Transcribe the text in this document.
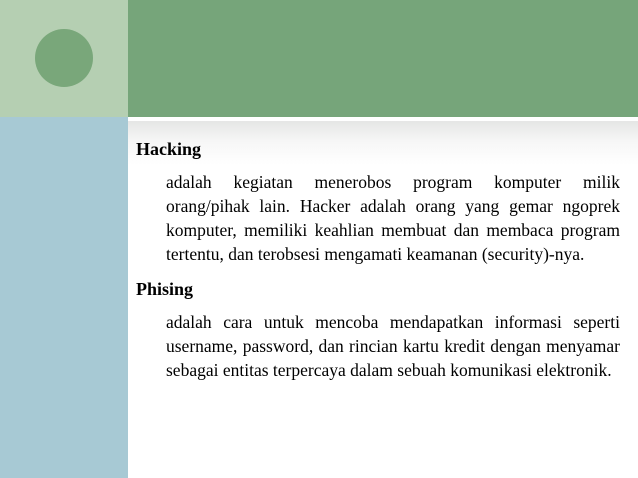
Hacking

adalah kegiatan menerobos program komputer milik orang/pihak lain. Hacker adalah orang yang gemar ngoprek komputer, memiliki keahlian membuat dan membaca program tertentu, dan terobsesi mengamati keamanan (security)-nya.

Phising

adalah cara untuk mencoba mendapatkan informasi seperti username, password, dan rincian kartu kredit dengan menyamar sebagai entitas terpercaya dalam sebuah komunikasi elektronik.
